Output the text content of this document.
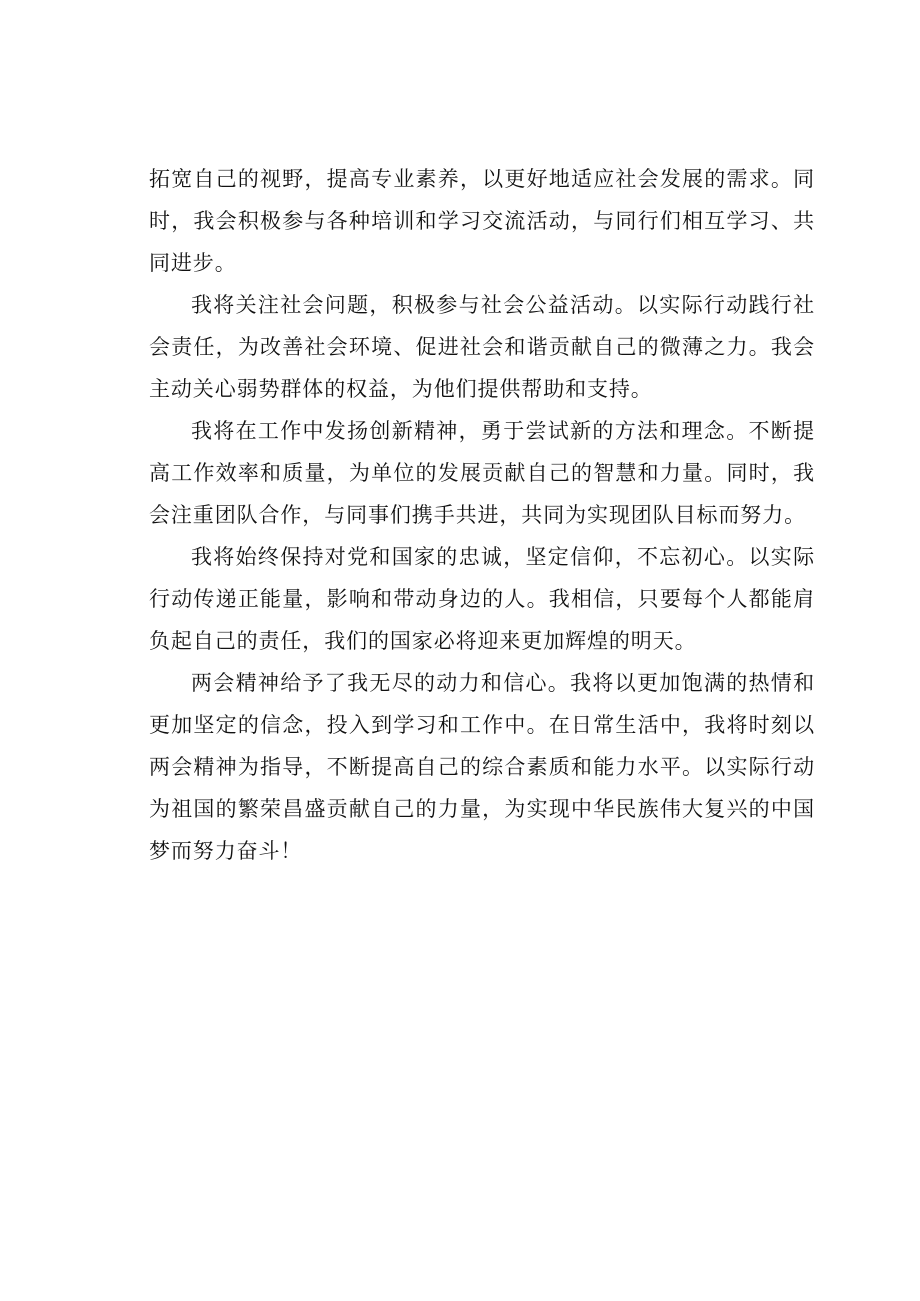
拓宽自己的视野，提高专业素养，以更好地适应社会发展的需求。同时，我会积极参与各种培训和学习交流活动，与同行们相互学习、共同进步。

我将关注社会问题，积极参与社会公益活动。以实际行动践行社会责任，为改善社会环境、促进社会和谐贡献自己的微薄之力。我会主动关心弱势群体的权益，为他们提供帮助和支持。

我将在工作中发扬创新精神，勇于尝试新的方法和理念。不断提高工作效率和质量，为单位的发展贡献自己的智慧和力量。同时，我会注重团队合作，与同事们携手共进，共同为实现团队目标而努力。

我将始终保持对党和国家的忠诚，坚定信仰，不忘初心。以实际行动传递正能量，影响和带动身边的人。我相信，只要每个人都能肩负起自己的责任，我们的国家必将迎来更加辉煌的明天。

两会精神给予了我无尽的动力和信心。我将以更加饱满的热情和更加坚定的信念，投入到学习和工作中。在日常生活中，我将时刻以两会精神为指导，不断提高自己的综合素质和能力水平。以实际行动为祖国的繁荣昌盛贡献自己的力量，为实现中华民族伟大复兴的中国梦而努力奋斗！
